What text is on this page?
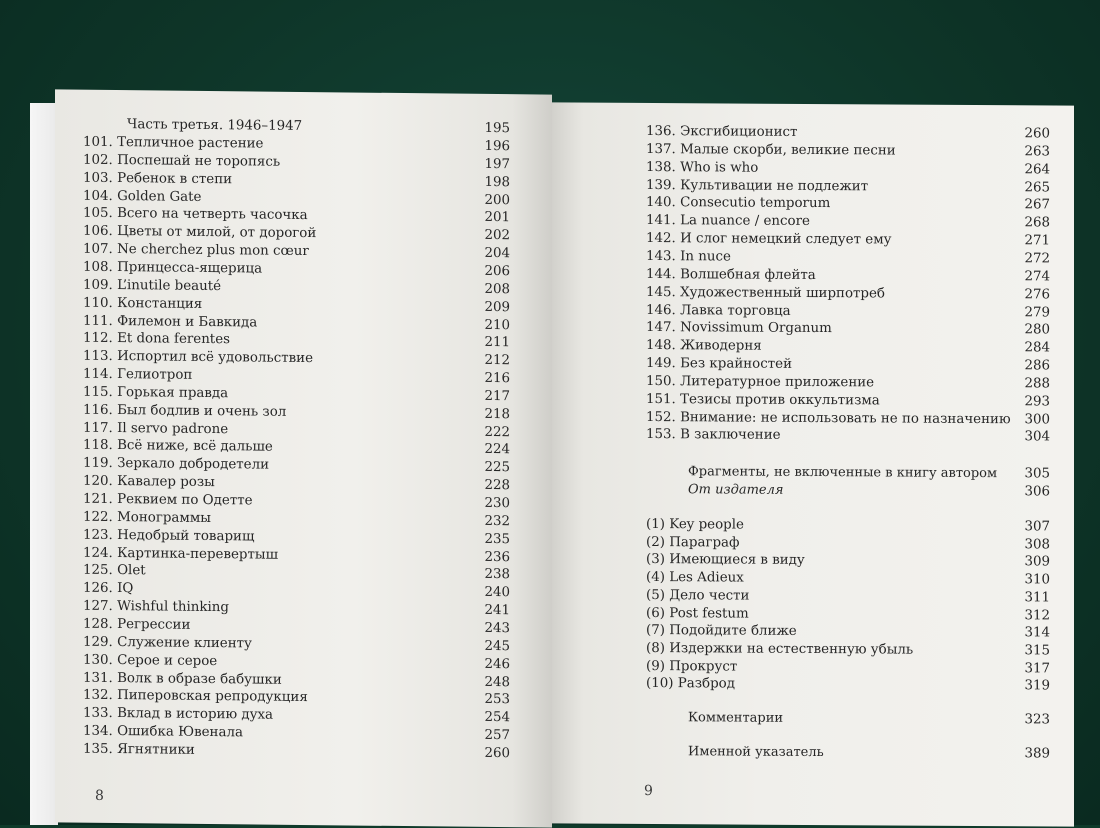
Часть третья. 1946–1947	195
101. Тепличное растение	196
102. Поспешай не торопясь	197
103. Ребенок в степи	198
104. Golden Gate	200
105. Всего на четверть часочка	201
106. Цветы от милой, от дорогой	202
107. Ne cherchez plus mon cœur	204
108. Принцесса-ящерица	206
109. L’inutile beauté	208
110. Констанция	209
111. Филемон и Бавкида	210
112. Et dona ferentes	211
113. Испортил всё удовольствие	212
114. Гелиотроп	216
115. Горькая правда	217
116. Был бодлив и очень зол	218
117. Il servo padrone	222
118. Всё ниже, всё дальше	224
119. Зеркало добродетели	225
120. Кавалер розы	228
121. Реквием по Одетте	230
122. Монограммы	232
123. Недобрый товарищ	235
124. Картинка-перевертыш	236
125. Olet	238
126. IQ	240
127. Wishful thinking	241
128. Регрессии	243
129. Служение клиенту	245
130. Серое и серое	246
131. Волк в образе бабушки	248
132. Пиперовская репродукция	253
133. Вклад в историю духа	254
134. Ошибка Ювенала	257
135. Ягнятники	260
8
136. Эксгибиционист	260
137. Малые скорби, великие песни	263
138. Who is who	264
139. Культивации не подлежит	265
140. Consecutio temporum	267
141. La nuance / encore	268
142. И слог немецкий следует ему	271
143. In nuce	272
144. Волшебная флейта	274
145. Художественный ширпотреб	276
146. Лавка торговца	279
147. Novissimum Organum	280
148. Живодерня	284
149. Без крайностей	286
150. Литературное приложение	288
151. Тезисы против оккультизма	293
152. Внимание: не использовать не по назначению 300
153. В заключение	304
Фрагменты, не включенные в книгу автором 305
От издателя	306
(1) Key people	307
(2) Параграф	308
(3) Имеющиеся в виду	309
(4) Les Adieux	310
(5) Дело чести	311
(6) Post festum	312
(7) Подойдите ближе	314
(8) Издержки на естественную убыль	315
(9) Прокруст	317
(10) Разброд	319
Комментарии	323
Именной указатель	389
9
